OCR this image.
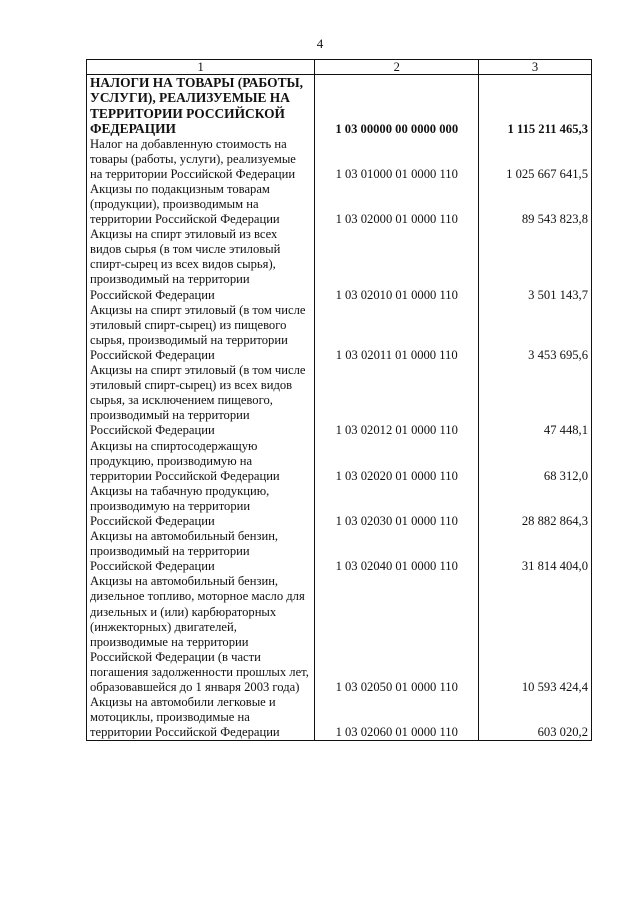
4
1	2	3
НАЛОГИ НА ТОВАРЫ (РАБОТЫ, УСЛУГИ), РЕАЛИЗУЕМЫЕ НА ТЕРРИТОРИИ РОССИЙСКОЙ ФЕДЕРАЦИИ	1 03 00000 00 0000 000	1 115 211 465,3
Налог на добавленную стоимость на товары (работы, услуги), реализуемые на территории Российской Федерации	1 03 01000 01 0000 110	1 025 667 641,5
Акцизы по подакцизным товарам (продукции), производимым на территории Российской Федерации	1 03 02000 01 0000 110	89 543 823,8
Акцизы на спирт этиловый из всех видов сырья (в том числе этиловый спирт-сырец из всех видов сырья), производимый на территории Российской Федерации	1 03 02010 01 0000 110	3 501 143,7
Акцизы на спирт этиловый (в том числе этиловый спирт-сырец) из пищевого сырья, производимый на территории Российской Федерации	1 03 02011 01 0000 110	3 453 695,6
Акцизы на спирт этиловый (в том числе этиловый спирт-сырец) из всех видов сырья, за исключением пищевого, производимый на территории Российской Федерации	1 03 02012 01 0000 110	47 448,1
Акцизы на спиртосодержащую продукцию, производимую на территории Российской Федерации	1 03 02020 01 0000 110	68 312,0
Акцизы на табачную продукцию, производимую на территории Российской Федерации	1 03 02030 01 0000 110	28 882 864,3
Акцизы на автомобильный бензин, производимый на территории Российской Федерации	1 03 02040 01 0000 110	31 814 404,0
Акцизы на автомобильный бензин, дизельное топливо, моторное масло для дизельных и (или) карбюраторных (инжекторных) двигателей, производимые на территории Российской Федерации (в части погашения задолженности прошлых лет, образовавшейся до 1 января 2003 года)	1 03 02050 01 0000 110	10 593 424,4
Акцизы на автомобили легковые и мотоциклы, производимые на территории Российской Федерации	1 03 02060 01 0000 110	603 020,2
